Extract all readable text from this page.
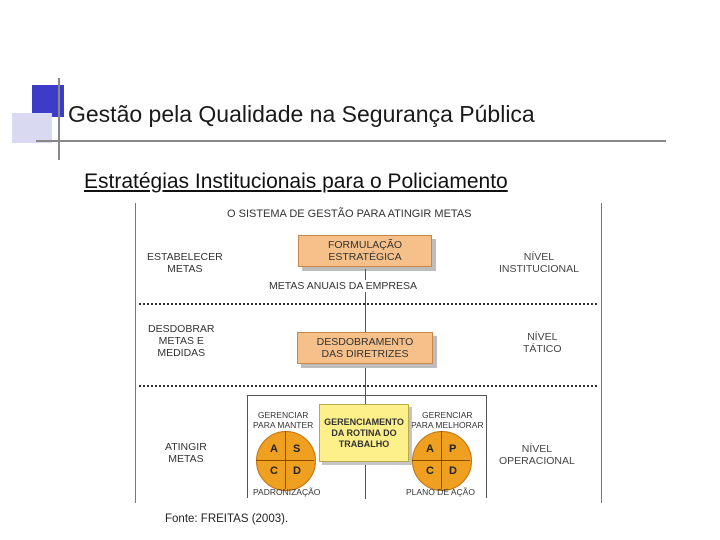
Gestão pela Qualidade na Segurança Pública
Estratégias Institucionais para o Policiamento
O SISTEMA DE GESTÃO PARA ATINGIR METAS
ESTABELECER
METAS
FORMULAÇÃO
ESTRATÉGICA	NÍVEL
INSTITUCIONAL
METAS ANUAIS DA EMPRESA
DESDOBRAR
METAS E
MEDIDAS
DESDOBRAMENTO
DAS DIRETRIZES
NÍVEL
TÁTICO
ATINGIR
METAS
GERENCIAR
PARA MANTER
GERENCIAR
PARA MELHORAR
GERENCIAMENTO
DA ROTINA DO
TRABALHO
A S
C D
A P
C D
PADRONIZAÇÃO	PLANO DE AÇÃO
NÍVEL
OPERACIONAL
Fonte: FREITAS (2003).
